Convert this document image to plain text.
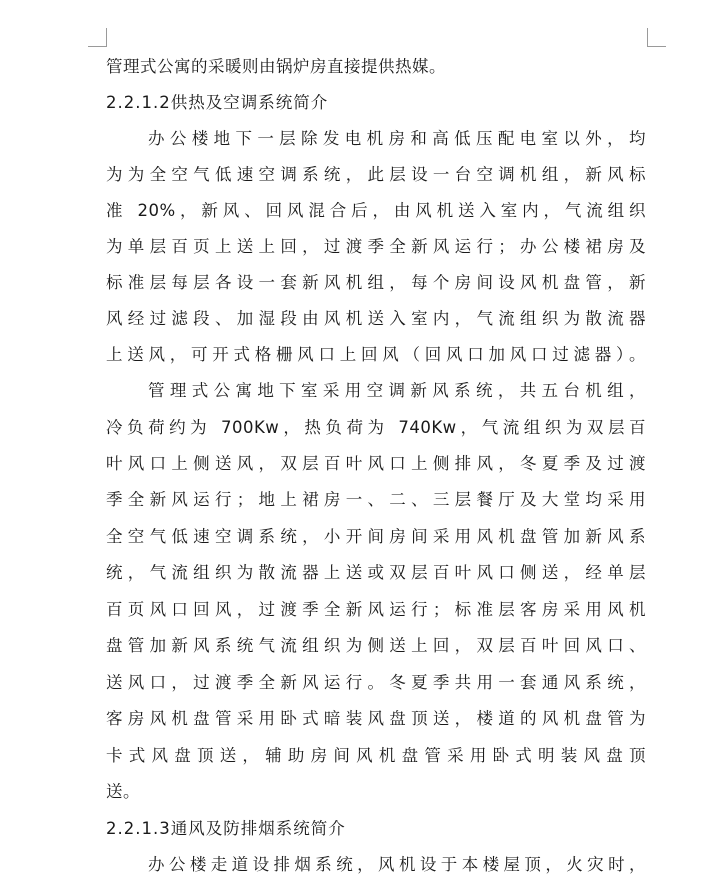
管理式公寓的采暖则由锅炉房直接提供热媒。
2.2.1.2供热及空调系统简介
办公楼地下一层除发电机房和高低压配电室以外，均
为为全空气低速空调系统，此层设一台空调机组，新风标
准 20%，新风、回风混合后，由风机送入室内，气流组织
为单层百页上送上回，过渡季全新风运行；办公楼裙房及
标准层每层各设一套新风机组，每个房间设风机盘管，新
风经过滤段、加湿段由风机送入室内，气流组织为散流器
上送风，可开式格栅风口上回风（回风口加风口过滤器）。
管理式公寓地下室采用空调新风系统，共五台机组，
冷负荷约为 700Kw，热负荷为 740Kw，气流组织为双层百
叶风口上侧送风，双层百叶风口上侧排风，冬夏季及过渡
季全新风运行；地上裙房一、二、三层餐厅及大堂均采用
全空气低速空调系统，小开间房间采用风机盘管加新风系
统，气流组织为散流器上送或双层百叶风口侧送，经单层
百页风口回风，过渡季全新风运行；标准层客房采用风机
盘管加新风系统气流组织为侧送上回，双层百叶回风口、
送风口，过渡季全新风运行。冬夏季共用一套通风系统，
客房风机盘管采用卧式暗装风盘顶送，楼道的风机盘管为
卡式风盘顶送，辅助房间风机盘管采用卧式明装风盘顶
送。
2.2.1.3通风及防排烟系统简介
办公楼走道设排烟系统，风机设于本楼屋顶，火灾时，
